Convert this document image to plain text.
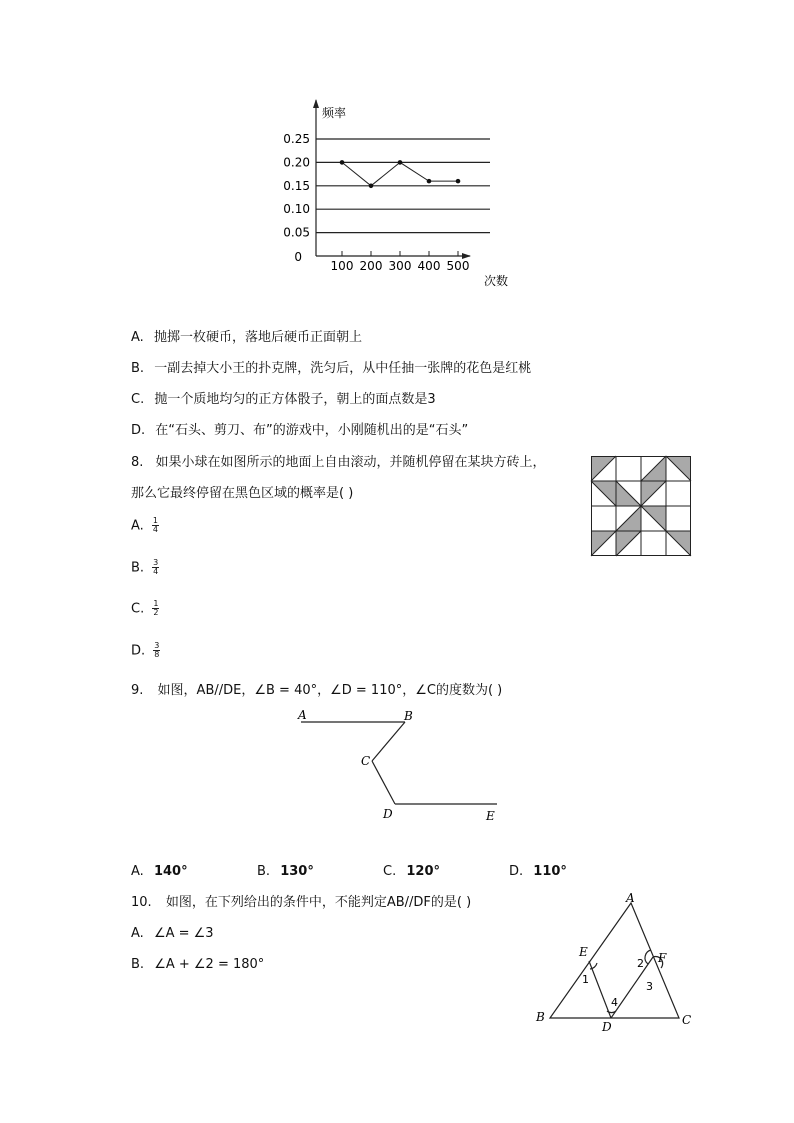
0.25
0.20
0.15
0.10
0.05
0
100 200 300 400 500
频率
次数
A. 抛掷一枚硬币，落地后硬币正面朝上
B. 一副去掉大小王的扑克牌，洗匀后，从中任抽一张牌的花色是红桃
C. 抛一个质地均匀的正方体骰子，朝上的面点数是3
D. 在“石头、剪刀、布”的游戏中，小刚随机出的是“石头”
8. 如果小球在如图所示的地面上自由滚动，并随机停留在某块方砖上，
那么它最终停留在黑色区域的概率是( )
A. $\frac{1}{4}$
B. $\frac{3}{4}$
C. $\frac{1}{2}$
D. $\frac{3}{8}$
9. 如图，AB//DE，∠B = 40°，∠D = 110°，∠C的度数为( )
A	B
C
D	E
A. 140°	B. 130°	C. 120°	D. 110°
10. 如图，在下列给出的条件中，不能判定AB//DF的是( )
A. ∠A = ∠3
B. ∠A + ∠2 = 180°
A
B	C
D
E	F
1
2
3
4
